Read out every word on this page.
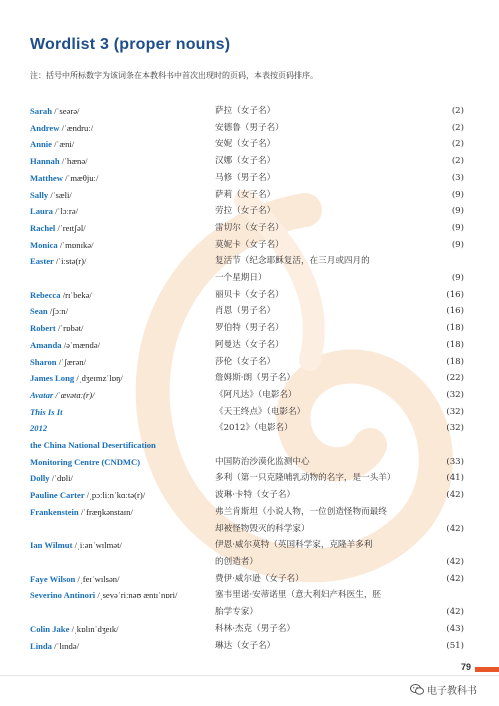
Wordlist 3 (proper nouns)
注：括号中所标数字为该词条在本教科书中首次出现时的页码，本表按页码排序。
Sarah /ˈseərə/	萨拉（女子名）	(2)
Andrew /ˈændruː/	安德鲁（男子名）	(2)
Annie /ˈæni/	安妮（女子名）	(2)
Hannah /ˈhænə/	汉娜（女子名）	(2)
Matthew /ˈmæθjuː/	马修（男子名）	(3)
Sally /ˈsæli/	萨莉（女子名）	(9)
Laura /ˈlɔːrə/	劳拉（女子名）	(9)
Rachel /ˈreɪtʃəl/	雷切尔（女子名）	(9)
Monica /ˈmɒnɪkə/	莫妮卡（女子名）	(9)
Easter /ˈiːstə(r)/	复活节（纪念耶稣复活，在三月或四月的
一个星期日）	(9)
Rebecca /rɪˈbekə/	丽贝卡（女子名）	(16)
Sean /ʃɔːn/	肖恩（男子名）	(16)
Robert /ˈrɒbət/	罗伯特（男子名）	(18)
Amanda /əˈmændə/	阿曼达（女子名）	(18)
Sharon /ˈʃærən/	莎伦（女子名）	(18)
James Long /ˌdʒeɪmzˈlɒŋ/	詹姆斯·朗（男子名）	(22)
Avatar /ˈævətɑː(r)/	《阿凡达》（电影名）	(32)
This Is It	《天王终点》（电影名）	(32)
2012	《2012》（电影名）	(32)
the China National Desertification
Monitoring Centre (CNDMC)	中国防治沙漠化监测中心	(33)
Dolly /ˈdɒli/	多利（第一只克隆哺乳动物的名字，是一头羊）	(41)
Pauline Carter /ˌpɔːliːnˈkɑːtə(r)/	波琳·卡特（女子名）	(42)
Frankenstein /ˈfræŋkənstaɪn/	弗兰肯斯坦（小说人物，一位创造怪物而最终
却被怪物毁灭的科学家）	(42)
Ian Wilmut /ˌiːənˈwɪlmət/	伊恩·威尔莫特（英国科学家，克隆羊多利
的创造者）	(42)
Faye Wilson /ˌfeɪˈwɪlsən/	费伊·威尔逊（女子名）	(42)
Severino Antinori /ˌsevəˈriːnəʊ æntɪˈnɒri/	塞韦里诺·安蒂诺里（意大利妇产科医生，胚
胎学专家）	(42)
Colin Jake /ˌkɒlɪnˈdʒeɪk/	科林·杰克（男子名）	(43)
Linda /ˈlɪndə/	琳达（女子名）	(51)
79
电子教科书
